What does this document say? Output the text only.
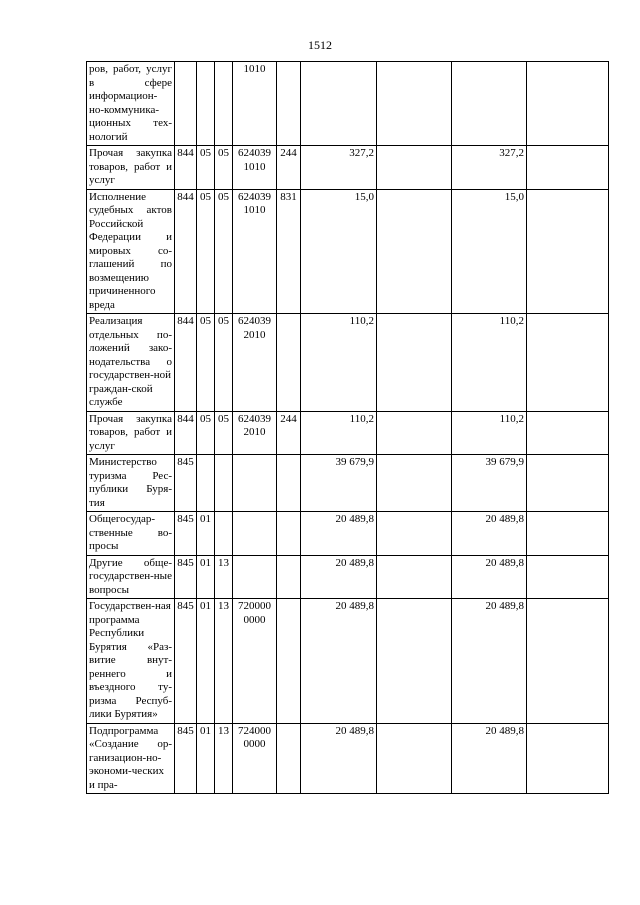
1512
ров, работ, услуг в сфере информацион-но-коммуника-ционных тех-нологий				1010					
Прочая закупка товаров, работ и услуг	844	05	05	624039 1010	244	327,2		327,2	
Исполнение судебных актов Российской Федерации и мировых со-глашений по возмещению причиненного вреда	844	05	05	624039 1010	831	15,0		15,0	
Реализация отдельных по-ложений зако-нодательства о государствен-ной граждан-ской службе	844	05	05	624039 2010		110,2		110,2	
Прочая закупка товаров, работ и услуг	844	05	05	624039 2010	244	110,2		110,2	
Министерство туризма Рес-публики Буря-тия	845					39 679,9		39 679,9	
Общегосудар-ственные во-просы	845	01				20 489,8		20 489,8	
Другие обще-государствен-ные вопросы	845	01	13			20 489,8		20 489,8	
Государствен-ная программа Республики Бурятия «Раз-витие внут-реннего и въездного ту-ризма Респуб-лики Бурятия»	845	01	13	720000 0000		20 489,8		20 489,8	
Подпрограмма «Создание ор-ганизацион-но-экономи-ческих и пра-	845	01	13	724000 0000		20 489,8		20 489,8	
